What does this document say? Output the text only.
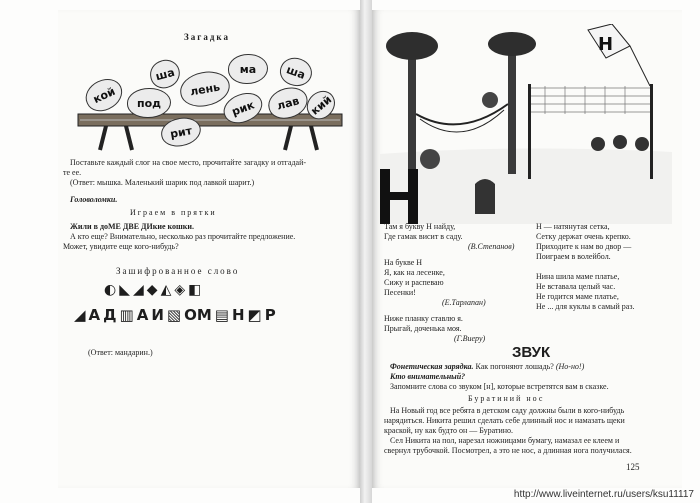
Загадка
кой
ша
под
лень
ма	ша
рик	лав
рит
кий
Поставьте каждый слог на свое место, прочитайте загадку и отгадай-
те ее.
(Ответ: мышка. Маленький шарик под лавкой шарит.)
Головоломки.
Играем в прятки
Жили в доМЕ ДВЕ ДИкие кошки.
А кто еще? Внимательно, несколько раз прочитайте предложение.
Может, увидите еще кого-нибудь?
Зашифрованное слово
◐ ◣ ◢ ◆ ◭ ◈ ◧
◢ А Д ▥ А И ▧ ОМ ▤ Н ◩ Р
(Ответ: мандарин.)
Н
Там я букву Н найду,
Где гамак висит в саду.
(В.Степанов)
На букве Н
Я, как на лесенке,
Сижу и распеваю
Песенки!
(Е.Тарлапан)
Ниже планку ставлю я.
Прыгай, доченька моя.
(Г.Виеру)
Н — натянутая сетка,
Сетку держат очень крепко.
Приходите к нам во двор —
Поиграем в волейбол.
Нина шила маме платье,
Не вставала целый час.
Не годится маме платье,
Не ... для куклы в самый раз.
ЗВУК
Фонетическая зарядка. Как погоняют лошадь? (Но-но!)
Кто внимательный?
Запомните слова со звуком [н], которые встретятся вам в сказке.
Буратиний нос
На Новый год все ребята в детском саду должны были в кого-нибудь
нарядиться. Никита решил сделать себе длинный нос и намазать щеки
краской, ну как будто он — Буратино.
Сел Никита на пол, нарезал ножницами бумагу, намазал ее клеем и
свернул трубочкой. Посмотрел, а это не нос, а длинная нога получилася.
125
http://www.liveinternet.ru/users/ksu11117
